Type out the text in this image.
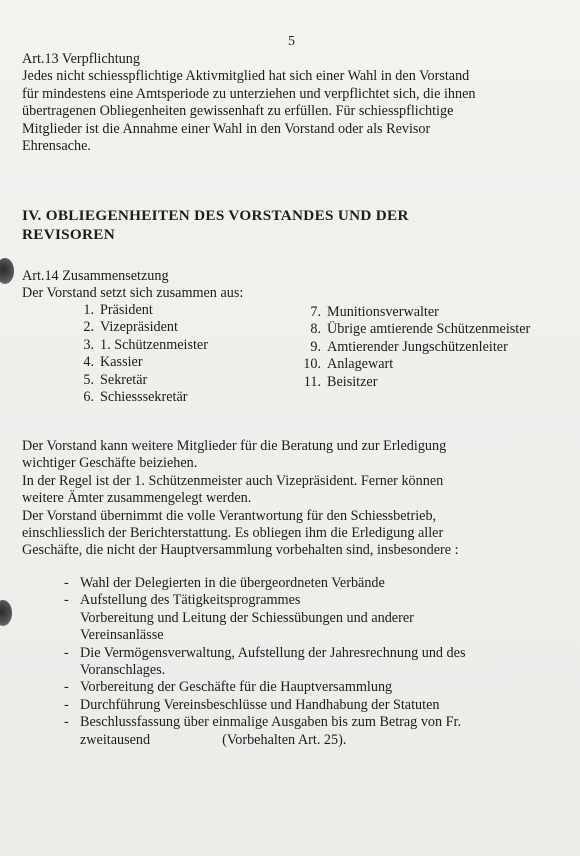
5

Art.13 Verpflichtung

Jedes nicht schiesspflichtige Aktivmitglied hat sich einer Wahl in den Vorstand

für mindestens eine Amtsperiode zu unterziehen und verpflichtet sich, die ihnen

übertragenen Obliegenheiten gewissenhaft zu erfüllen. Für schiesspflichtige

Mitglieder ist die Annahme einer Wahl in den Vorstand oder als Revisor

Ehrensache.

IV. OBLIEGENHEITEN DES VORSTANDES UND DER
REVISOREN

Art.14 Zusammensetzung

Der Vorstand setzt sich zusammen aus:

1. Präsident
2. Vizepräsident
3. 1. Schützenmeister
4. Kassier
5. Sekretär
6. Schiesssekretär
7. Munitionsverwalter
8. Übrige amtierende Schützenmeister
9. Amtierender Jungschützenleiter
10. Anlagewart
11. Beisitzer

Der Vorstand kann weitere Mitglieder für die Beratung und zur Erledigung

wichtiger Geschäfte beiziehen.

In der Regel ist der 1. Schützenmeister auch Vizepräsident. Ferner können

weitere Ämter zusammengelegt werden.

Der Vorstand übernimmt die volle Verantwortung für den Schiessbetrieb,

einschliesslich der Berichterstattung. Es obliegen ihm die Erledigung aller

Geschäfte, die nicht der Hauptversammlung vorbehalten sind, insbesondere :

- Wahl der Delegierten in die übergeordneten Verbände
- Aufstellung des Tätigkeitsprogrammes
Vorbereitung und Leitung der Schiessübungen und anderer
Vereinsanlässe
- Die Vermögensverwaltung, Aufstellung der Jahresrechnung und des
Voranschlages.
- Vorbereitung der Geschäfte für die Hauptversammlung
- Durchführung Vereinsbeschlüsse und Handhabung der Statuten
- Beschlussfassung über einmalige Ausgaben bis zum Betrag von Fr.
zweitausend	(Vorbehalten Art. 25).
